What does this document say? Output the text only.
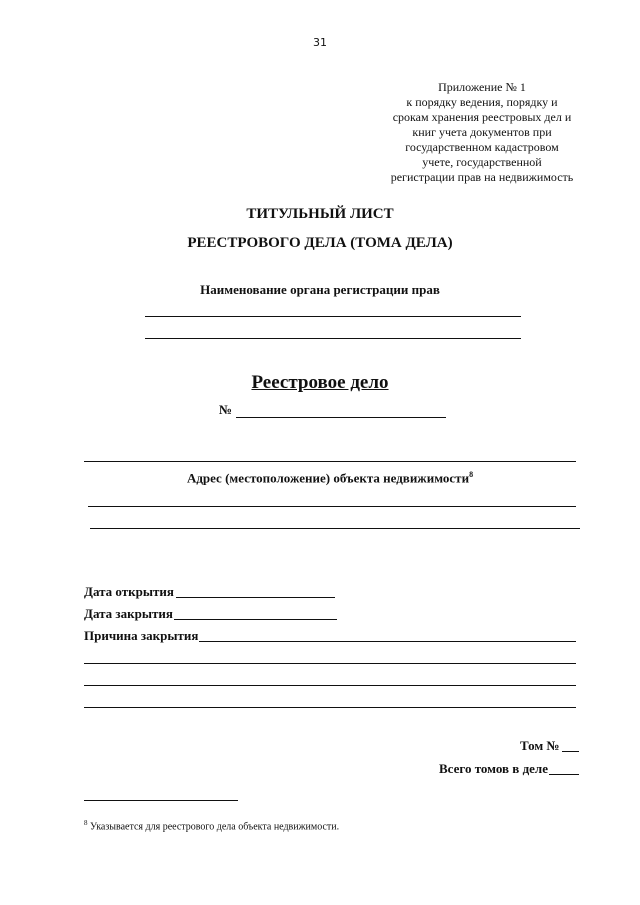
31
Приложение № 1
к порядку ведения, порядку и
срокам хранения реестровых дел и
книг учета документов при
государственном кадастровом
учете, государственной
регистрации прав на недвижимость
ТИТУЛЬНЫЙ ЛИСТ
РЕЕСТРОВОГО ДЕЛА (ТОМА ДЕЛА)
Наименование органа регистрации прав
Реестровое дело
№
Адрес (местоположение) объекта недвижимости$^8$
Дата открытия
Дата закрытия
Причина закрытия
Том №
Всего томов в деле
$^8$ Указывается для реестрового дела объекта недвижимости.
